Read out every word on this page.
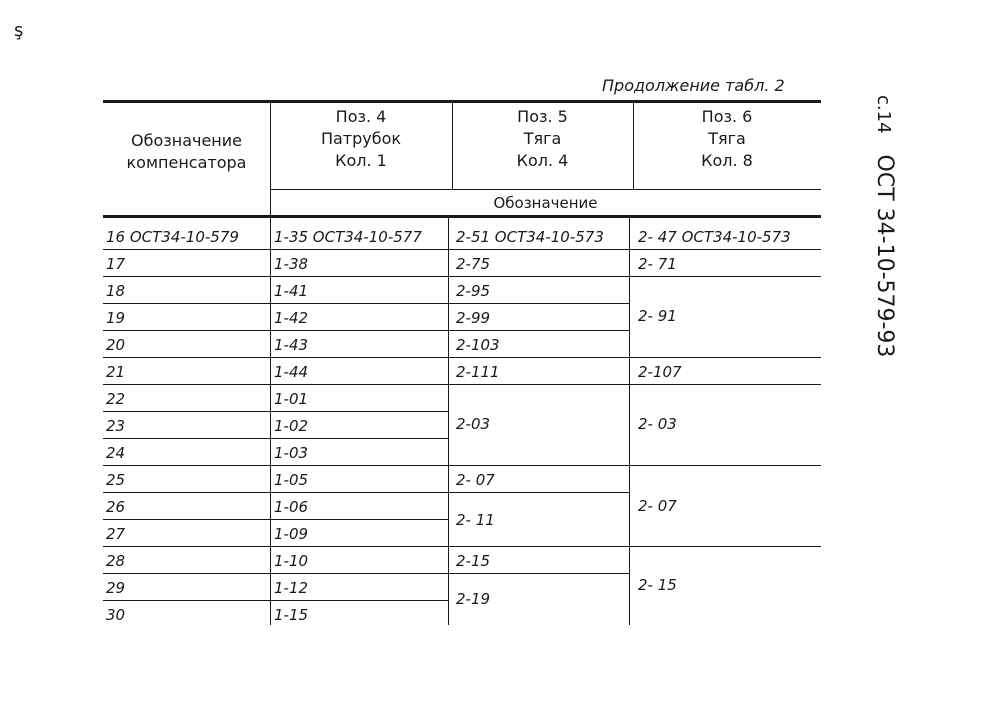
ş
Продолжение табл. 2
с.14 ОСТ 34-10-579-93
Обозначение
компенсатора
Поз. 4
Патрубок
Кол. 1
Поз. 5
Тяга
Кол. 4
Поз. 6
Тяга
Кол. 8
Обозначение
16 ОСТ34-10-579
17
18
19
20
21
22
23
24
25
26
27
28
29
30
1-35 ОСТ34-10-577
1-38
1-41
1-42
1-43
1-44
1-01
1-02
1-03
1-05
1-06
1-09
1-10
1-12
1-15
2-51 ОСТ34-10-573
2-75
2-95
2-99
2-103
2-111
2-03
2- 07
2- 11
2-15
2-19
2- 47 ОСТ34-10-573
2- 71
2- 91
2-107
2- 03
2- 07
2- 15
